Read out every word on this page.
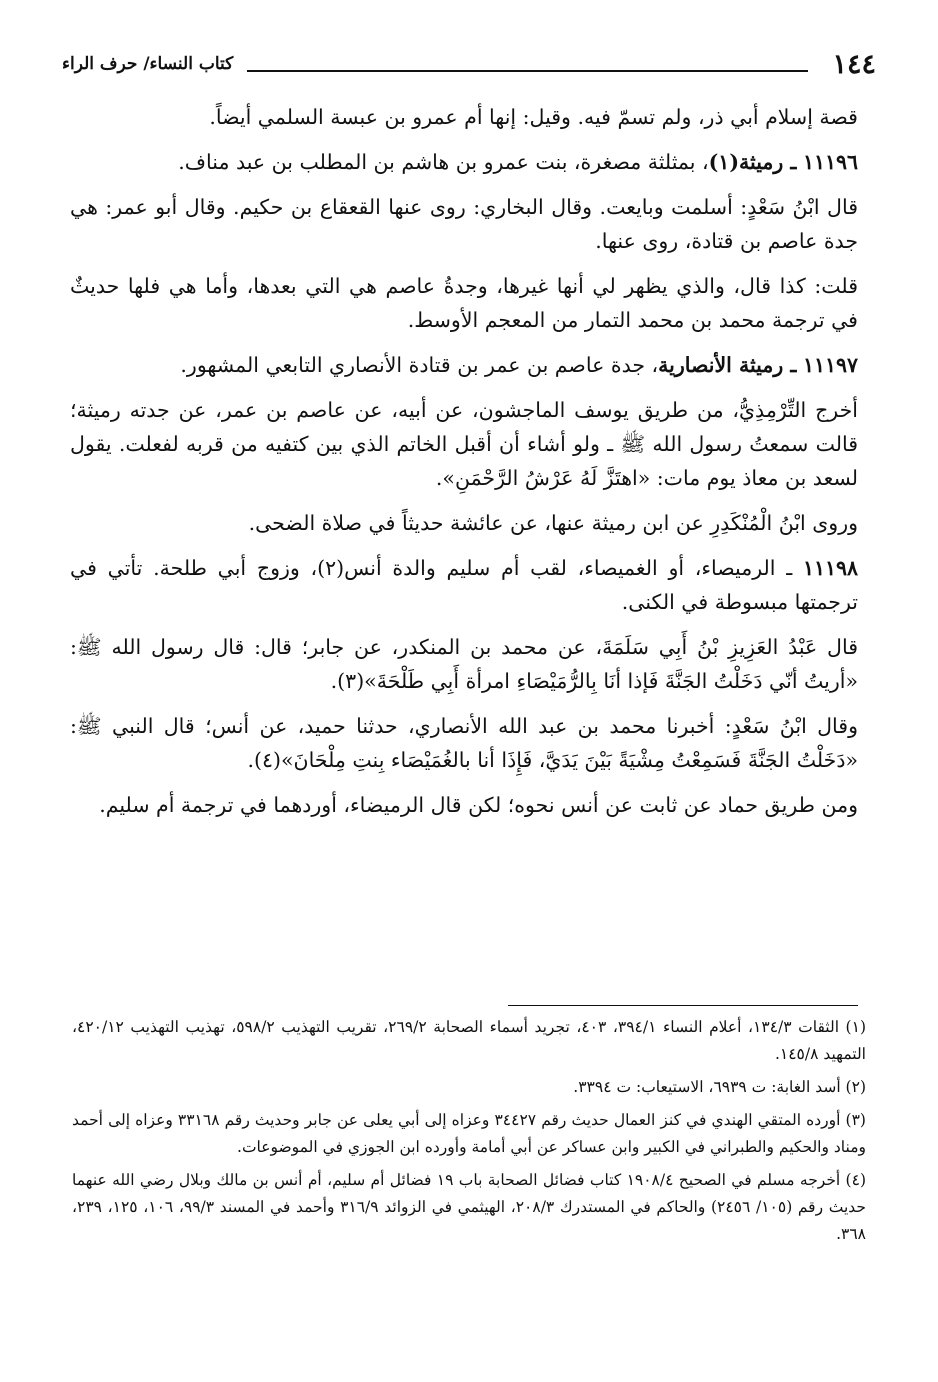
١٤٤
كتاب النساء/ حرف الراء

قصة إسلام أبي ذر، ولم تسمّ فيه. وقيل: إنها أم عمرو بن عبسة السلمي أيضاً.

١١١٩٦ ـ رميثة(١)، بمثلثة مصغرة، بنت عمرو بن هاشم بن المطلب بن عبد مناف.

قال ابْنُ سَعْدٍ: أسلمت وبايعت. وقال البخاري: روى عنها القعقاع بن حكيم. وقال أبو عمر: هي جدة عاصم بن قتادة، روى عنها.

قلت: كذا قال، والذي يظهر لي أنها غيرها، وجدةُ عاصم هي التي بعدها، وأما هي فلها حديثٌ في ترجمة محمد بن محمد التمار من المعجم الأوسط.

١١١٩٧ ـ رميثة الأنصارية، جدة عاصم بن عمر بن قتادة الأنصاري التابعي المشهور.

أخرج التِّرْمِذِيُّ، من طريق يوسف الماجشون، عن أبيه، عن عاصم بن عمر، عن جدته رميثة؛ قالت سمعتُ رسول الله ﷺ ـ ولو أشاء أن أقبل الخاتم الذي بين كتفيه من قربه لفعلت. يقول لسعد بن معاذ يوم مات: «اهتَزَّ لَهُ عَرْشُ الرَّحْمَنِ».

وروى ابْنُ الْمُنْكَدِرِ عن ابن رميثة عنها، عن عائشة حديثاً في صلاة الضحى.

١١١٩٨ ـ الرميصاء، أو الغميصاء، لقب أم سليم والدة أنس(٢)، وزوج أبي طلحة. تأتي في ترجمتها مبسوطة في الكنى.

قال عَبْدُ العَزِيزِ بْنُ أَبِي سَلَمَةَ، عن محمد بن المنكدر، عن جابر؛ قال: قال رسول الله ﷺ: «أريتُ أنّي دَخَلْتُ الجَنَّةَ فَإذا أنَا بِالرُّمَيْصَاءِ امرأة أَبِي طَلْحَةَ»(٣).

وقال ابْنُ سَعْدٍ: أخبرنا محمد بن عبد الله الأنصاري، حدثنا حميد، عن أنس؛ قال النبي ﷺ: «دَخَلْتُ الجَنَّةَ فَسَمِعْتُ مِشْيَةً بَيْنَ يَدَيَّ، فَإِذَا أنا بالغُمَيْصَاء بِنتِ مِلْحَانَ»(٤).

ومن طريق حماد عن ثابت عن أنس نحوه؛ لكن قال الرميضاء، أوردهما في ترجمة أم سليم.

(١) الثقات ١٣٤/٣، أعلام النساء ٣٩٤/١، ٤٠٣، تجريد أسماء الصحابة ٢٦٩/٢، تقريب التهذيب ٥٩٨/٢، تهذيب التهذيب ٤٢٠/١٢، التمهيد ١٤٥/٨.

(٢) أسد الغابة: ت ٦٩٣٩، الاستيعاب: ت ٣٣٩٤.

(٣) أورده المتقي الهندي في كنز العمال حديث رقم ٣٤٤٢٧ وعزاه إلى أبي يعلى عن جابر وحديث رقم ٣٣١٦٨ وعزاه إلى أحمد ومناد والحكيم والطبراني في الكبير وابن عساكر عن أبي أمامة وأورده ابن الجوزي في الموضوعات.

(٤) أخرجه مسلم في الصحيح ١٩٠٨/٤ كتاب فضائل الصحابة باب ١٩ فضائل أم سليم، أم أنس بن مالك وبلال رضي الله عنهما حديث رقم (١٠٥/ ٢٤٥٦) والحاكم في المستدرك ٢٠٨/٣، الهيثمي في الزوائد ٣١٦/٩ وأحمد في المسند ٩٩/٣، ١٠٦، ١٢٥، ٢٣٩، ٣٦٨.
